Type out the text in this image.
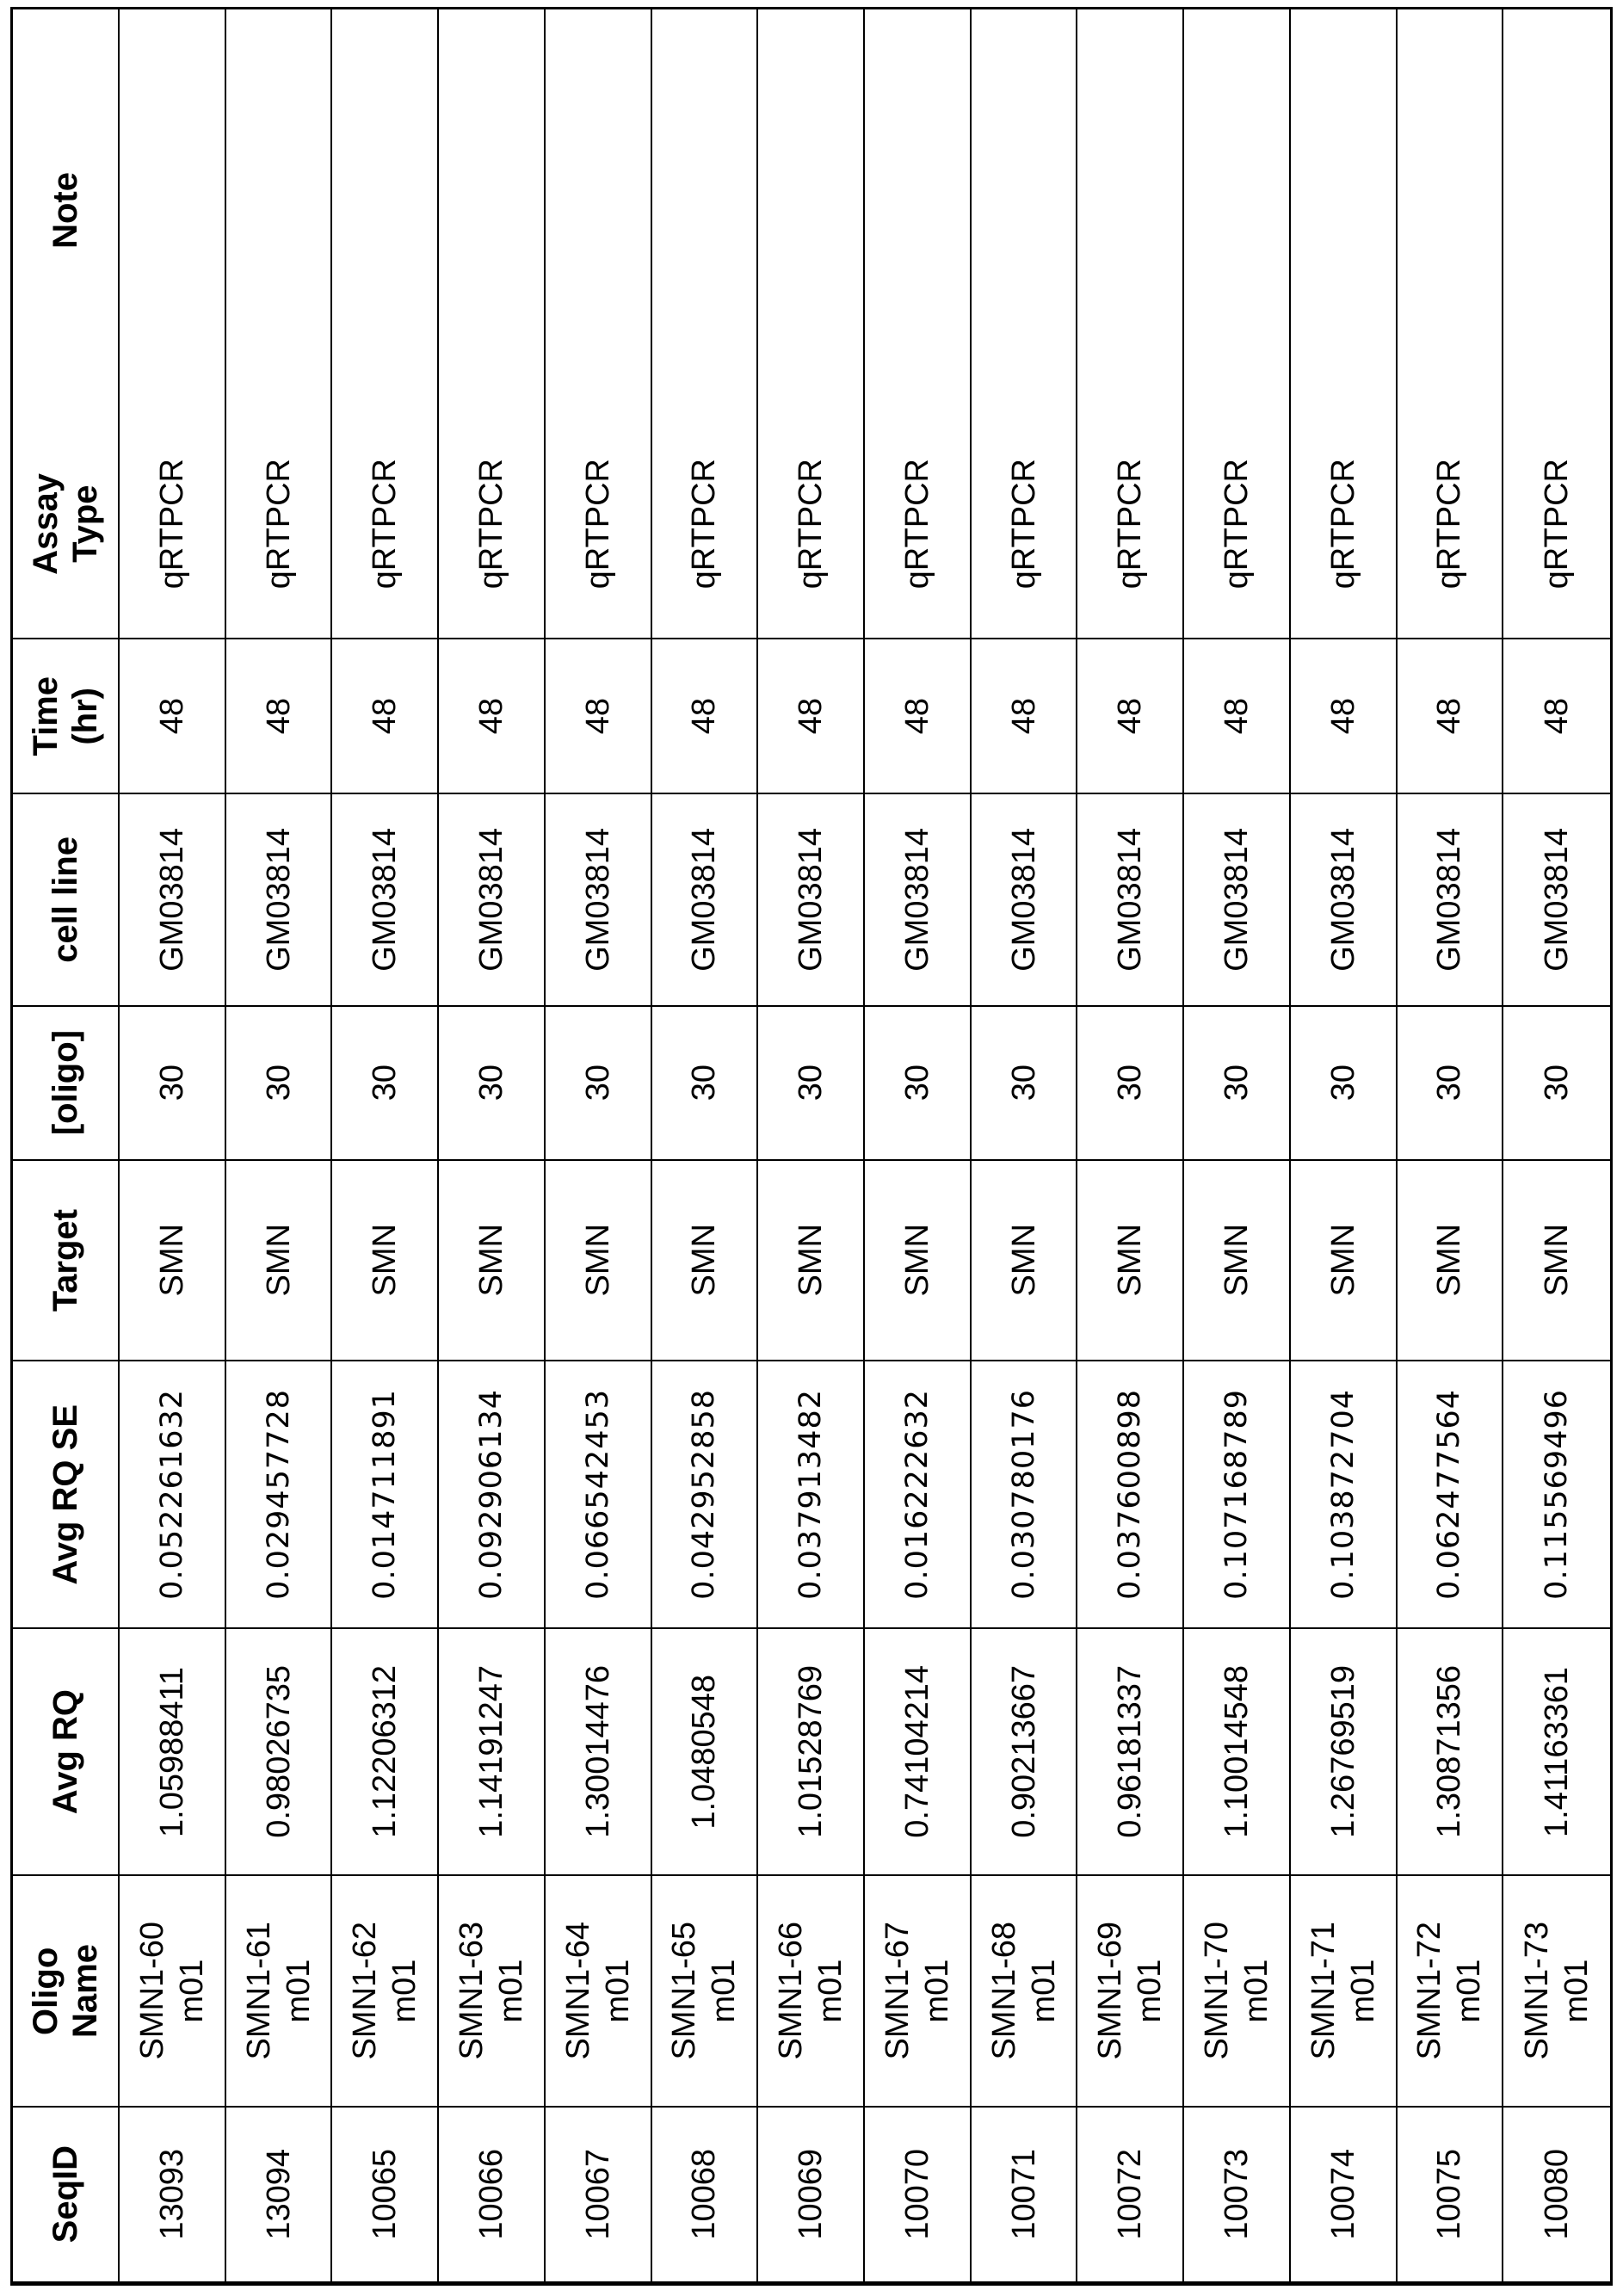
SeqID
Oligo
Name
Avg RQ
Avg RQ SE
Target
[oligo]
cell line
Time
(hr)
Assay
Type
Note
13093
SMN1-60
m01
1.05988411
0.052261632
SMN
30
GM03814
48
qRTPCR
13094
SMN1-61
m01
0.98026735
0.029457728
SMN
30
GM03814
48
qRTPCR
10065
SMN1-62
m01
1.12206312
0.014711891
SMN
30
GM03814
48
qRTPCR
10066
SMN1-63
m01
1.14191247
0.092906134
SMN
30
GM03814
48
qRTPCR
10067
SMN1-64
m01
1.30014476
0.066542453
SMN
30
GM03814
48
qRTPCR
10068
SMN1-65
m01
1.0480548
0.042952858
SMN
30
GM03814
48
qRTPCR
10069
SMN1-66
m01
1.01528769
0.037913482
SMN
30
GM03814
48
qRTPCR
10070
SMN1-67
m01
0.74104214
0.016222632
SMN
30
GM03814
48
qRTPCR
10071
SMN1-68
m01
0.90213667
0.030780176
SMN
30
GM03814
48
qRTPCR
10072
SMN1-69
m01
0.96181337
0.037600898
SMN
30
GM03814
48
qRTPCR
10073
SMN1-70
m01
1.10014548
0.107168789
SMN
30
GM03814
48
qRTPCR
10074
SMN1-71
m01
1.26769519
0.103872704
SMN
30
GM03814
48
qRTPCR
10075
SMN1-72
m01
1.30871356
0.062477564
SMN
30
GM03814
48
qRTPCR
10080
SMN1-73
m01
1.41163361
0.115569496
SMN
30
GM03814
48
qRTPCR
